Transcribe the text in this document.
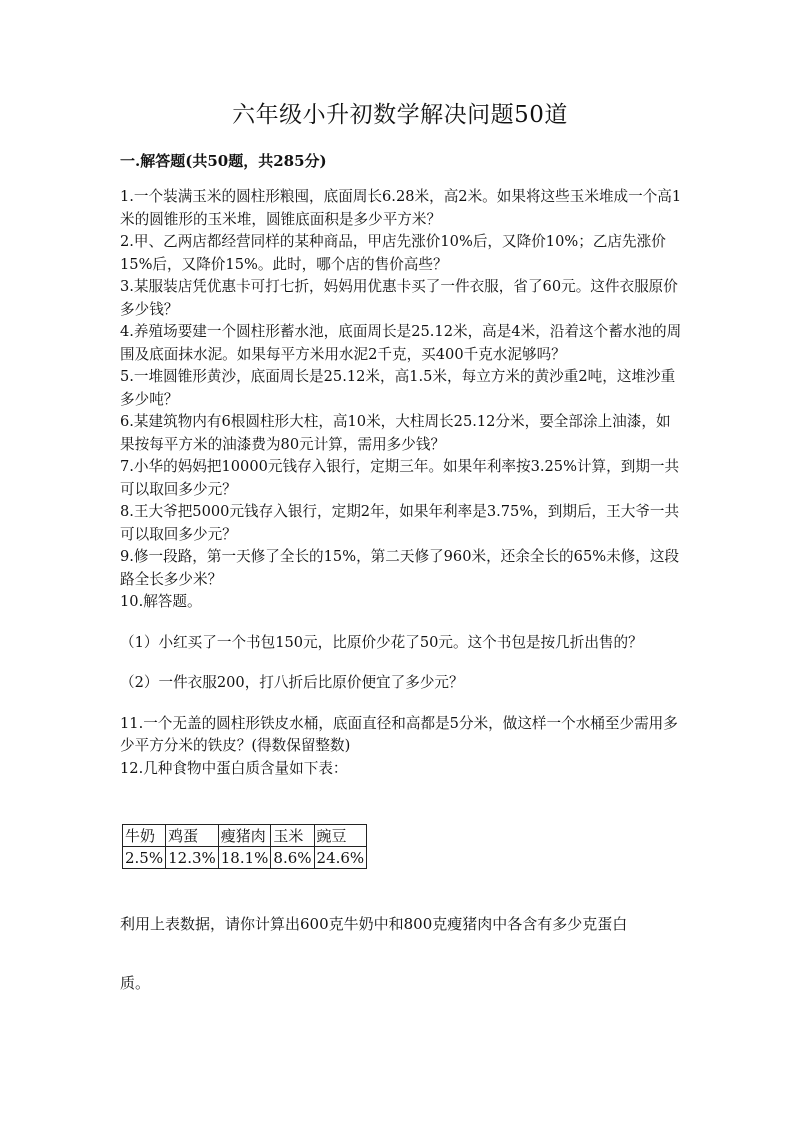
六年级小升初数学解决问题50道
一.解答题(共50题，共285分)

1.一个装满玉米的圆柱形粮囤，底面周长6.28米，高2米。如果将这些玉米堆成一个高1米的圆锥形的玉米堆，圆锥底面积是多少平方米？

2.甲、乙两店都经营同样的某种商品，甲店先涨价10%后，又降价10%；乙店先涨价15%后，又降价15%。此时，哪个店的售价高些？

3.某服装店凭优惠卡可打七折，妈妈用优惠卡买了一件衣服，省了60元。这件衣服原价多少钱？

4.养殖场要建一个圆柱形蓄水池，底面周长是25.12米，高是4米，沿着这个蓄水池的周围及底面抹水泥。如果每平方米用水泥2千克，买400千克水泥够吗？

5.一堆圆锥形黄沙，底面周长是25.12米，高1.5米，每立方米的黄沙重2吨，这堆沙重多少吨？

6.某建筑物内有6根圆柱形大柱，高10米，大柱周长25.12分米，要全部涂上油漆，如果按每平方米的油漆费为80元计算，需用多少钱？

7.小华的妈妈把10000元钱存入银行，定期三年。如果年利率按3.25%计算，到期一共可以取回多少元？

8.王大爷把5000元钱存入银行，定期2年，如果年利率是3.75%，到期后，王大爷一共可以取回多少元？

9.修一段路，第一天修了全长的15%，第二天修了960米，还余全长的65%未修，这段路全长多少米？

10.解答题。

（1）小红买了一个书包150元，比原价少花了50元。这个书包是按几折出售的？

（2）一件衣服200，打八折后比原价便宜了多少元？

11.一个无盖的圆柱形铁皮水桶，底面直径和高都是5分米，做这样一个水桶至少需用多少平方分米的铁皮？(得数保留整数)

12.几种食物中蛋白质含量如下表：

牛奶	鸡蛋	瘦猪肉	玉米	豌豆
2.5%	12.3%	18.1%	8.6%	24.6%
利用上表数据，请你计算出600克牛奶中和800克瘦猪肉中各含有多少克蛋白
质。
